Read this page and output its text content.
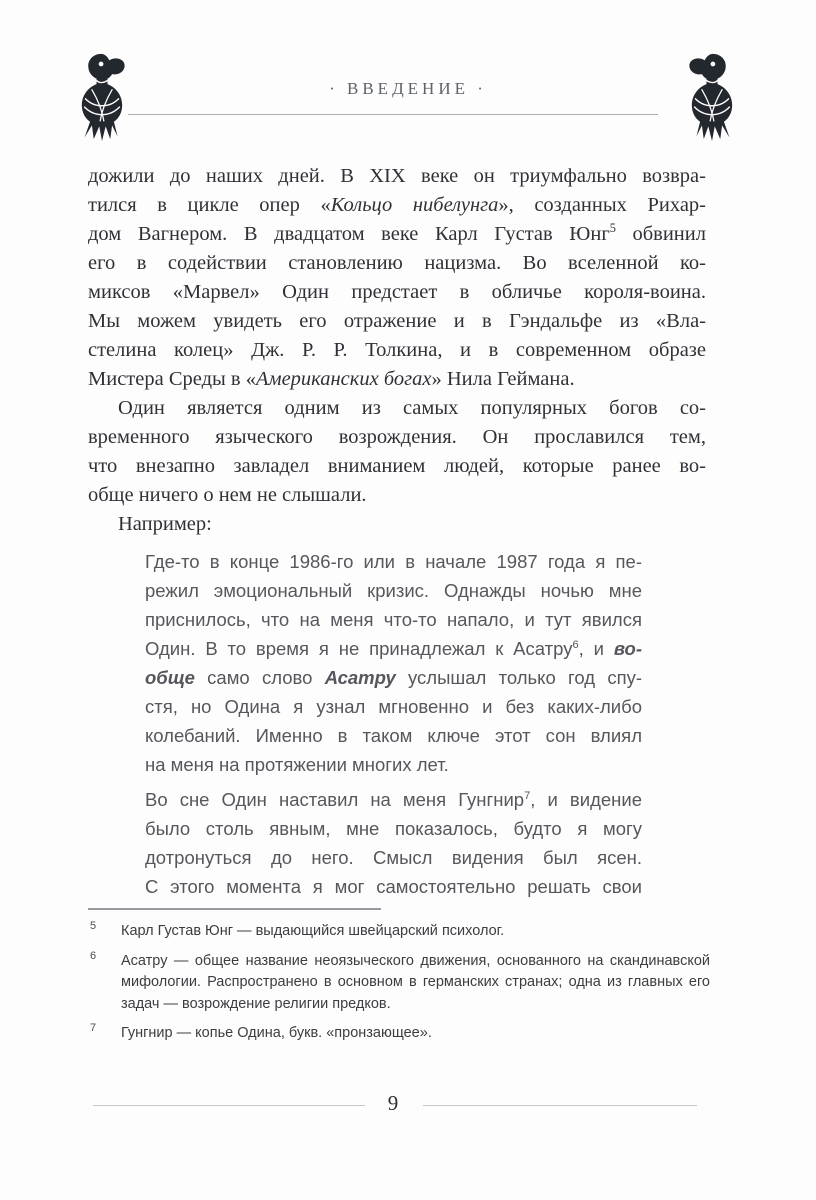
· ВВЕДЕНИЕ ·
дожили до наших дней. В XIX веке он триумфально возвра-
тился в цикле опер «Кольцо нибелунга», созданных Рихар-
дом Вагнером. В двадцатом веке Карл Густав Юнг$^5$ обвинил
его в содействии становлению нацизма. Во вселенной ко-
миксов «Марвел» Один предстает в обличье короля-воина.
Мы можем увидеть его отражение и в Гэндальфе из «Вла-
стелина колец» Дж. Р. Р. Толкина, и в современном образе
Мистера Среды в «Американских богах» Нила Геймана.
Один является одним из самых популярных богов со-
временного языческого возрождения. Он прославился тем,
что внезапно завладел вниманием людей, которые ранее во-
обще ничего о нем не слышали.
Например:
Где-то в конце 1986-го или в начале 1987 года я пе-
режил эмоциональный кризис. Однажды ночью мне
приснилось, что на меня что-то напало, и тут явился
Один. В то время я не принадлежал к Асатру$^6$, и во-
обще само слово Асатру услышал только год спу-
стя, но Одина я узнал мгновенно и без каких-либо
колебаний. Именно в таком ключе этот сон влиял
на меня на протяжении многих лет.
Во сне Один наставил на меня Гунгнир$^7$, и видение
было столь явным, мне показалось, будто я могу
дотронуться до него. Смысл видения был ясен.
С этого момента я мог самостоятельно решать свои
5 Карл Густав Юнг — выдающийся швейцарский психолог.
6 Асатру — общее название неоязыческого движения, основанного на скандинавской
мифологии. Распространено в основном в германских странах; одна из главных его
задач — возрождение религии предков.
7 Гунгнир — копье Одина, букв. «пронзающее».
9
